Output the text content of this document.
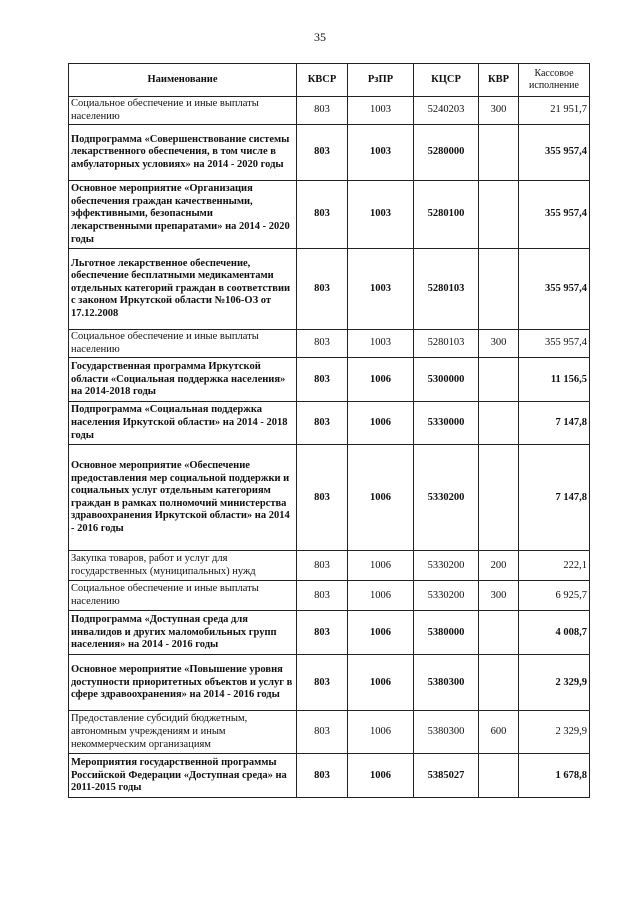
35
Наименование	КВСР	РзПР	КЦСР	КВР	Кассовое исполнение
Социальное обеспечение и иные выплаты населению	803	1003	5240203	300	21 951,7
Подпрограмма «Совершенствование системы лекарственного обеспечения, в том числе в амбулаторных условиях» на 2014 - 2020 годы	803	1003	5280000		355 957,4
Основное мероприятие «Организация обеспечения граждан качественными, эффективными, безопасными лекарственными препаратами» на 2014 - 2020 годы	803	1003	5280100		355 957,4
Льготное лекарственное обеспечение, обеспечение бесплатными медикаментами отдельных категорий граждан в соответствии с законом Иркутской области №106-ОЗ от 17.12.2008	803	1003	5280103		355 957,4
Социальное обеспечение и иные выплаты населению	803	1003	5280103	300	355 957,4
Государственная программа Иркутской области «Социальная поддержка населения» на 2014-2018 годы	803	1006	5300000		11 156,5
Подпрограмма «Социальная поддержка населения Иркутской области» на 2014 - 2018 годы	803	1006	5330000		7 147,8
Основное мероприятие «Обеспечение предоставления мер социальной поддержки и социальных услуг отдельным категориям граждан в рамках полномочий министерства здравоохранения Иркутской области» на 2014 - 2016 годы	803	1006	5330200		7 147,8
Закупка товаров, работ и услуг для государственных (муниципальных) нужд	803	1006	5330200	200	222,1
Социальное обеспечение и иные выплаты населению	803	1006	5330200	300	6 925,7
Подпрограмма «Доступная среда для инвалидов и других маломобильных групп населения» на 2014 - 2016 годы	803	1006	5380000		4 008,7
Основное мероприятие «Повышение уровня доступности приоритетных объектов и услуг в сфере здравоохранения» на 2014 - 2016 годы	803	1006	5380300		2 329,9
Предоставление субсидий бюджетным, автономным учреждениям и иным некоммерческим организациям	803	1006	5380300	600	2 329,9
Мероприятия государственной программы Российской Федерации «Доступная среда» на 2011-2015 годы	803	1006	5385027		1 678,8
